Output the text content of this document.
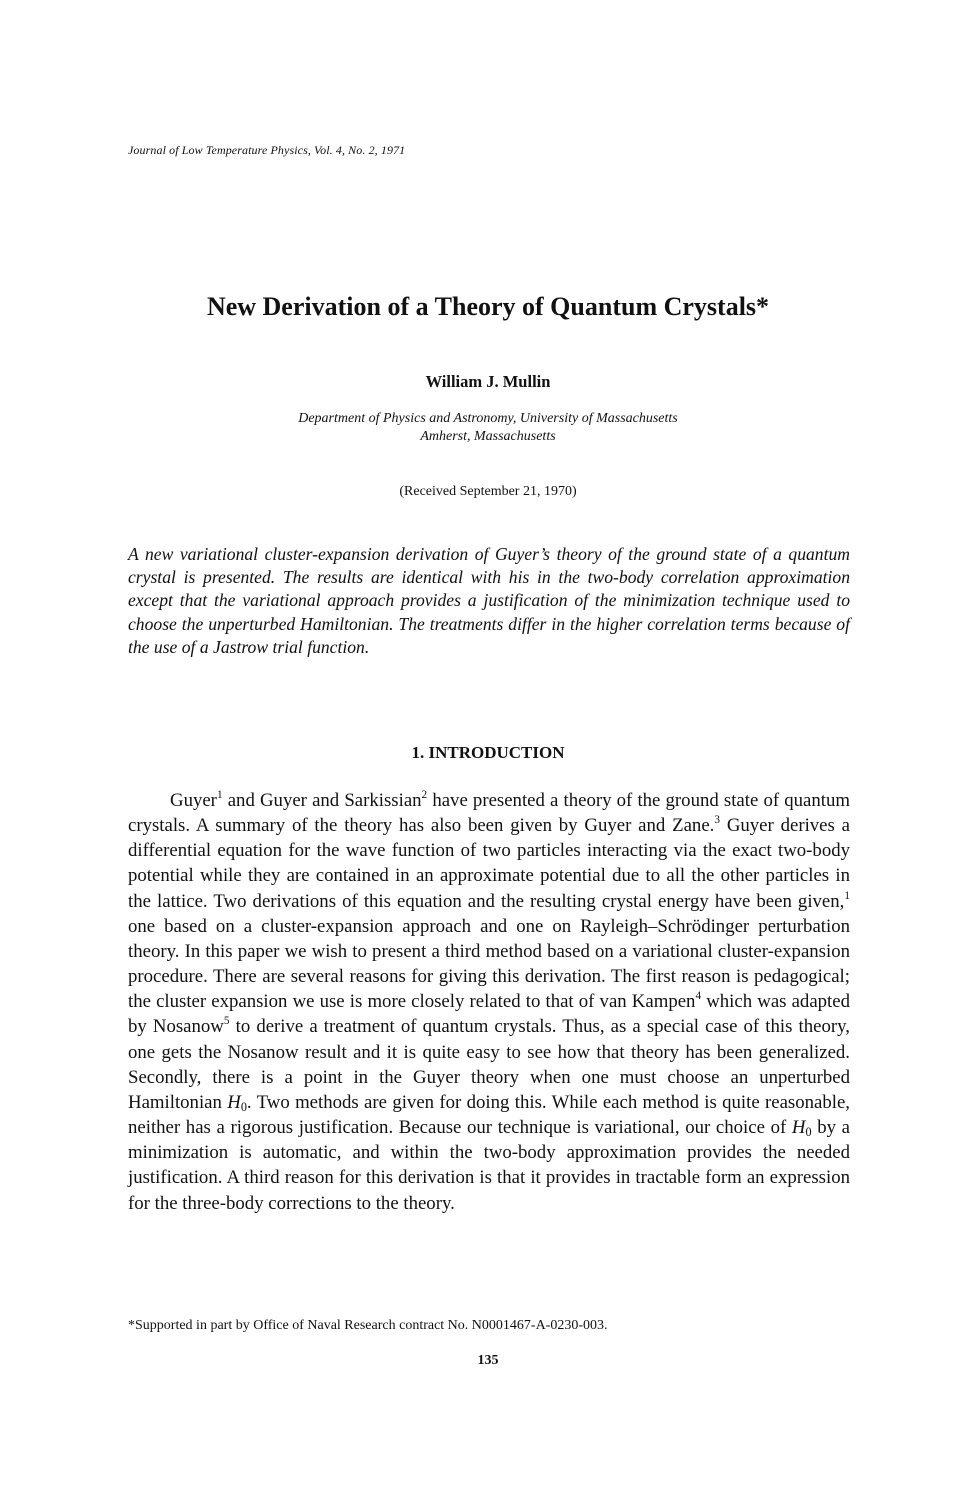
Journal of Low Temperature Physics, Vol. 4, No. 2, 1971
New Derivation of a Theory of Quantum Crystals*
William J. Mullin
Department of Physics and Astronomy, University of Massachusetts
Amherst, Massachusetts
(Received September 21, 1970)

A new variational cluster-expansion derivation of Guyer’s theory of the ground state of a quantum crystal is presented. The results are identical with his in the two-body correlation approximation except that the variational approach provides a justification of the minimization technique used to choose the unperturbed Hamiltonian. The treatments differ in the higher correlation terms because of the use of a Jastrow trial function.

1. INTRODUCTION

Guyer$^1$ and Guyer and Sarkissian$^2$ have presented a theory of the ground state of quantum crystals. A summary of the theory has also been given by Guyer and Zane.$^3$ Guyer derives a differential equation for the wave function of two particles interacting via the exact two-body potential while they are contained in an approximate potential due to all the other particles in the lattice. Two derivations of this equation and the resulting crystal energy have been given,$^1$ one based on a cluster-expansion approach and one on Rayleigh–Schrödinger perturbation theory. In this paper we wish to present a third method based on a variational cluster-expansion procedure. There are several reasons for giving this derivation. The first reason is pedagogical; the cluster expansion we use is more closely related to that of van Kampen$^4$ which was adapted by Nosanow$^5$ to derive a treatment of quantum crystals. Thus, as a special case of this theory, one gets the Nosanow result and it is quite easy to see how that theory has been generalized. Secondly, there is a point in the Guyer theory when one must choose an unperturbed Hamiltonian $H_0$. Two methods are given for doing this. While each method is quite reasonable, neither has a rigorous justification. Because our technique is variational, our choice of $H_0$ by a minimization is automatic, and within the two-body approximation provides the needed justification. A third reason for this derivation is that it provides in tractable form an expression for the three-body corrections to the theory.

*Supported in part by Office of Naval Research contract No. N0001467-A-0230-003.
135
